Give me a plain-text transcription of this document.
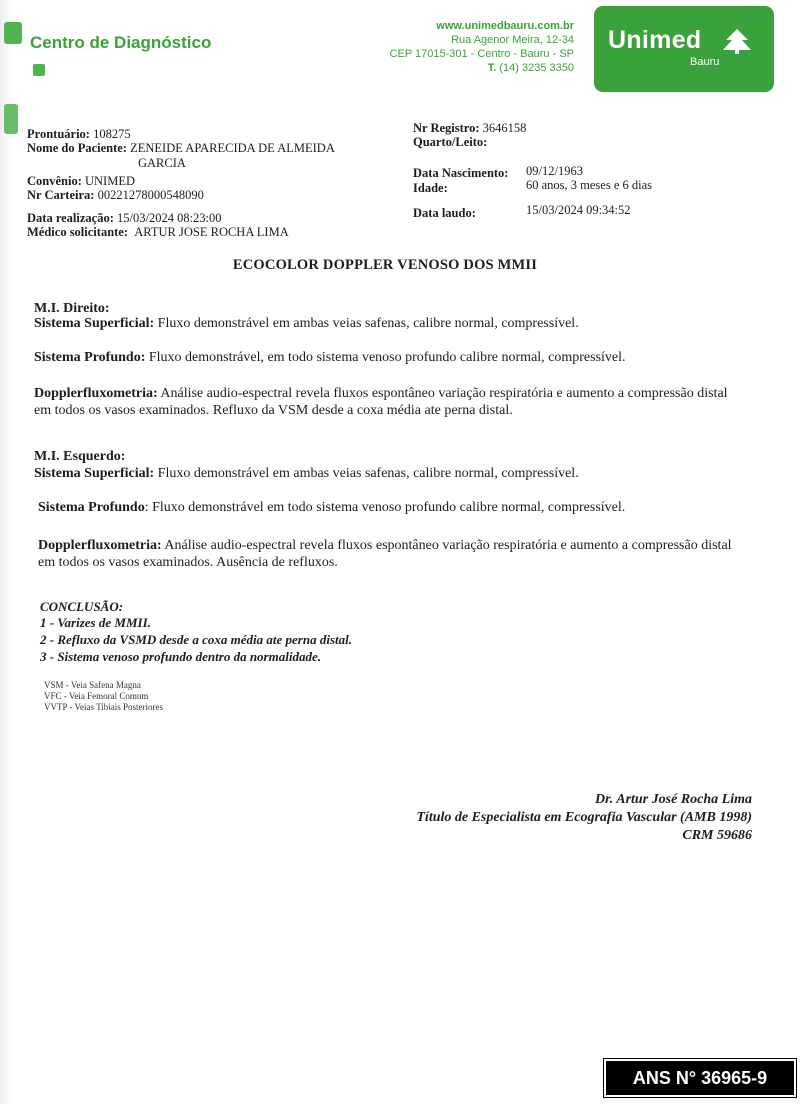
Centro de Diagnóstico
www.unimedbauru.com.br
Rua Agenor Meira, 12-34
CEP 17015-301 - Centro - Bauru - SP
T. (14) 3235 3350
Unimed
Bauru
Prontuário: 108275
Nome do Paciente: ZENEIDE APARECIDA DE ALMEIDA
GARCIA
Convênio: UNIMED
Nr Carteira: 00221278000548090
Data realização: 15/03/2024 08:23:00
Médico solicitante: ARTUR JOSE ROCHA LIMA
Nr Registro: 3646158
Quarto/Leito:
Data Nascimento: 09/12/1963
Idade:	60 anos, 3 meses e 6 dias
Data laudo:	15/03/2024 09:34:52
ECOCOLOR DOPPLER VENOSO DOS MMII
M.I. Direito:
Sistema Superficial: Fluxo demonstrável em ambas veias safenas, calibre normal, compressível.
Sistema Profundo: Fluxo demonstrável, em todo sistema venoso profundo calibre normal, compressível.
Dopplerfluxometria: Análise audio-espectral revela fluxos espontâneo variação respiratória e aumento a compressão distal em todos os vasos examinados. Refluxo da VSM desde a coxa média ate perna distal.
M.I. Esquerdo:
Sistema Superficial: Fluxo demonstrável em ambas veias safenas, calibre normal, compressível.
Sistema Profundo: Fluxo demonstrável em todo sistema venoso profundo calibre normal, compressível.
Dopplerfluxometria: Análise audio-espectral revela fluxos espontâneo variação respiratória e aumento a compressão distal em todos os vasos examinados. Ausência de refluxos.
CONCLUSÃO:
1 - Varizes de MMII.
2 - Refluxo da VSMD desde a coxa média ate perna distal.
3 - Sistema venoso profundo dentro da normalidade.
VSM - Veia Safena Magna
VFC - Veia Femoral Comum
VVTP - Veias Tibiais Posteriores
Dr. Artur José Rocha Lima
Título de Especialista em Ecografia Vascular (AMB 1998)
CRM 59686
ANS N° 36965-9
